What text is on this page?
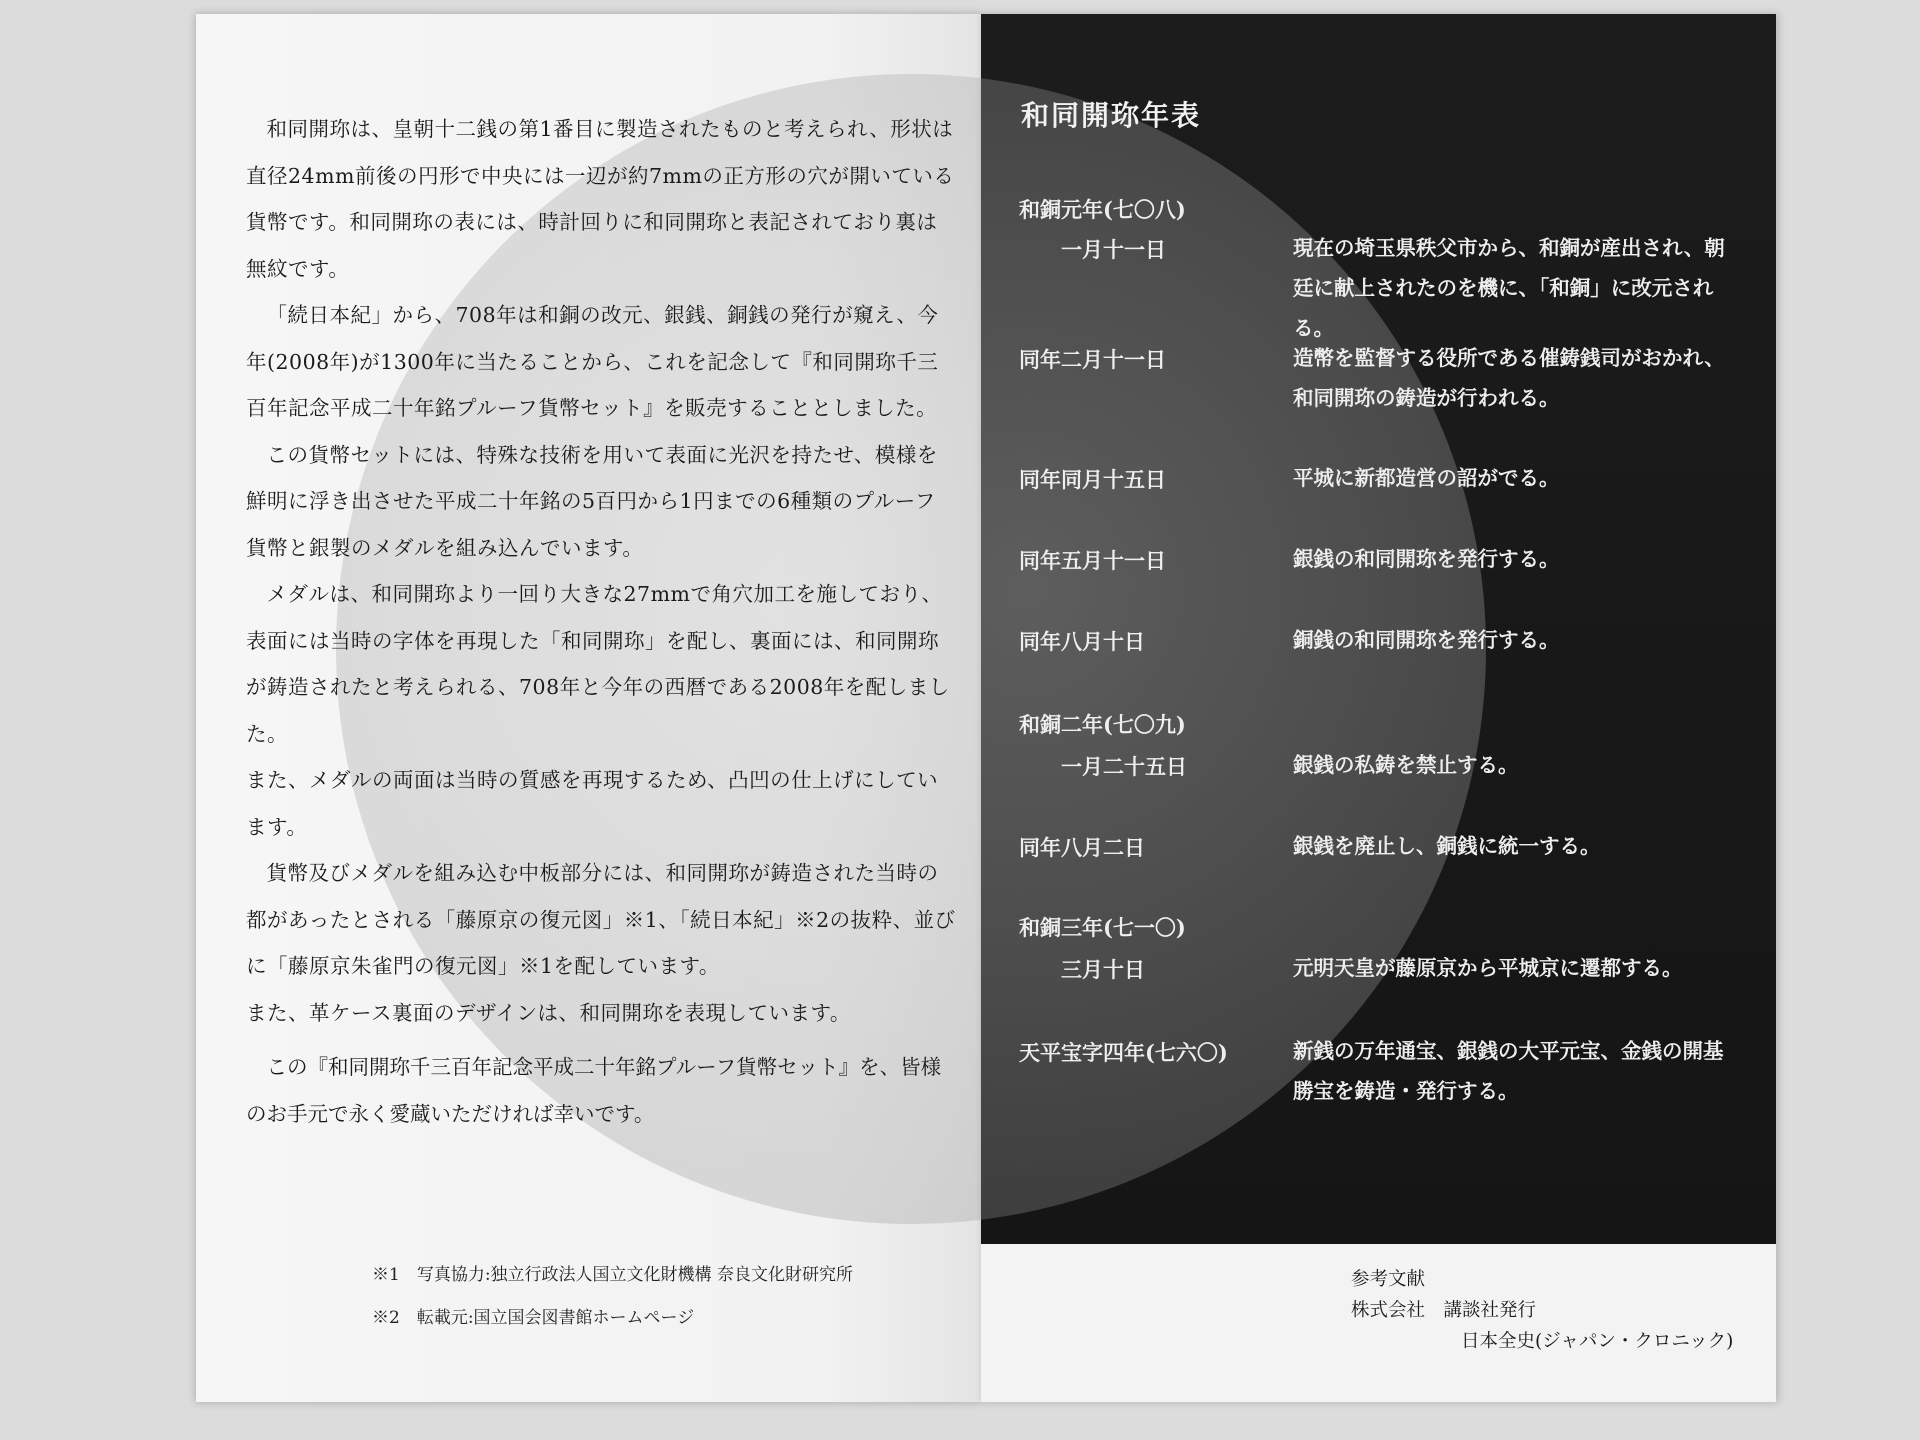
和同開珎は、皇朝十二銭の第1番目に製造されたものと考えられ、形状は直径24mm前後の円形で中央には一辺が約7mmの正方形の穴が開いている貨幣です。和同開珎の表には、時計回りに和同開珎と表記されており裏は無紋です。

「続日本紀」から、708年は和銅の改元、銀銭、銅銭の発行が窺え、今年(2008年)が1300年に当たることから、これを記念して『和同開珎千三百年記念平成二十年銘プルーフ貨幣セット』を販売することとしました。

この貨幣セットには、特殊な技術を用いて表面に光沢を持たせ、模様を鮮明に浮き出させた平成二十年銘の5百円から1円までの6種類のプルーフ貨幣と銀製のメダルを組み込んでいます。

メダルは、和同開珎より一回り大きな27mmで角穴加工を施しており、表面には当時の字体を再現した「和同開珎」を配し、裏面には、和同開珎が鋳造されたと考えられる、708年と今年の西暦である2008年を配しました。

また、メダルの両面は当時の質感を再現するため、凸凹の仕上げにしています。

貨幣及びメダルを組み込む中板部分には、和同開珎が鋳造された当時の都があったとされる「藤原京の復元図」※1、「続日本紀」※2の抜粋、並びに「藤原京朱雀門の復元図」※1を配しています。

また、革ケース裏面のデザインは、和同開珎を表現しています。

この『和同開珎千三百年記念平成二十年銘プルーフ貨幣セット』を、皆様のお手元で永く愛蔵いただければ幸いです。
※1　写真協力:独立行政法人国立文化財機構 奈良文化財研究所
※2　転載元:国立国会図書館ホームページ
和同開珎年表
和銅元年(七〇八)
一月十一日	現在の埼玉県秩父市から、和銅が産出され、朝廷に献上されたのを機に、「和銅」に改元される。
同年二月十一日	造幣を監督する役所である催鋳銭司がおかれ、和同開珎の鋳造が行われる。
同年同月十五日	平城に新都造営の詔がでる。
同年五月十一日	銀銭の和同開珎を発行する。
同年八月十日	銅銭の和同開珎を発行する。
和銅二年(七〇九)
一月二十五日	銀銭の私鋳を禁止する。
同年八月二日	銀銭を廃止し、銅銭に統一する。
和銅三年(七一〇)
三月十日	元明天皇が藤原京から平城京に遷都する。
天平宝字四年(七六〇)	新銭の万年通宝、銀銭の大平元宝、金銭の開基勝宝を鋳造・発行する。
参考文献
株式会社　講談社発行
日本全史(ジャパン・クロニック)
